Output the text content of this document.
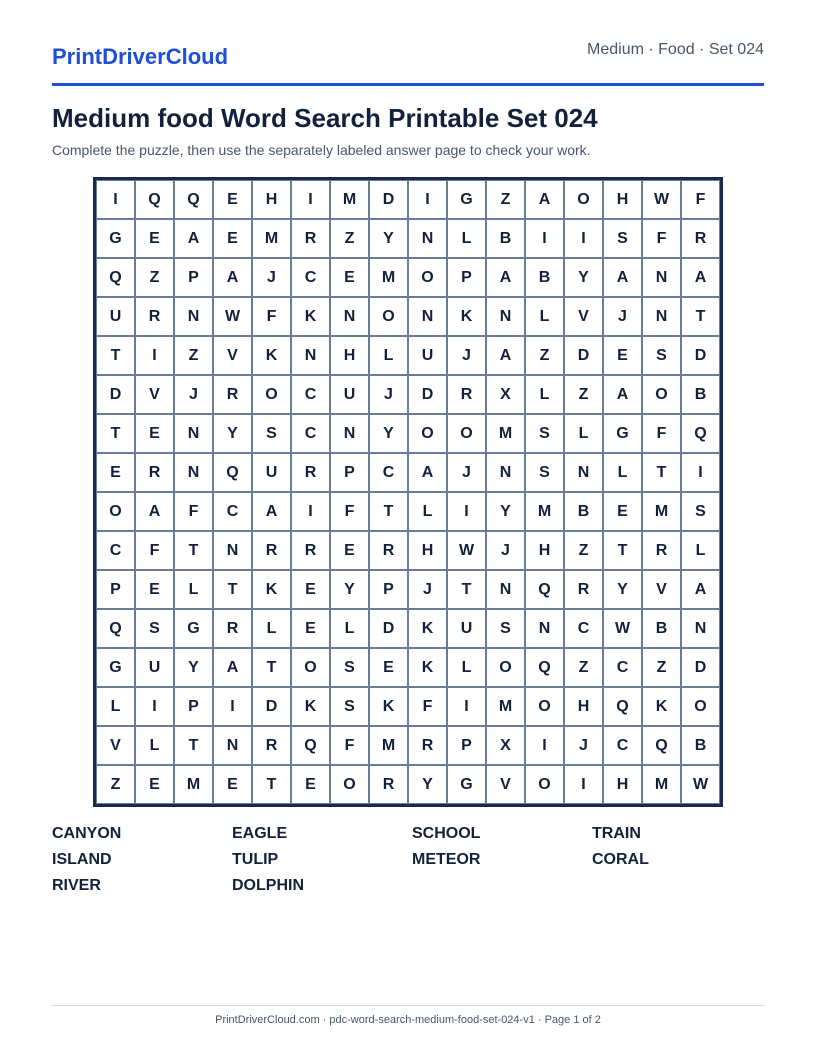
PrintDriverCloud	Medium · Food · Set 024
Medium food Word Search Printable Set 024
Complete the puzzle, then use the separately labeled answer page to check your work.
I	Q	Q	E	H	I	M	D	I	G	Z	A	O	H	W	F
G	E	A	E	M	R	Z	Y	N	L	B	I	I	S	F	R
Q	Z	P	A	J	C	E	M	O	P	A	B	Y	A	N	A
U	R	N	W	F	K	N	O	N	K	N	L	V	J	N	T
T	I	Z	V	K	N	H	L	U	J	A	Z	D	E	S	D
D	V	J	R	O	C	U	J	D	R	X	L	Z	A	O	B
T	E	N	Y	S	C	N	Y	O	O	M	S	L	G	F	Q
E	R	N	Q	U	R	P	C	A	J	N	S	N	L	T	I
O	A	F	C	A	I	F	T	L	I	Y	M	B	E	M	S
C	F	T	N	R	R	E	R	H	W	J	H	Z	T	R	L
P	E	L	T	K	E	Y	P	J	T	N	Q	R	Y	V	A
Q	S	G	R	L	E	L	D	K	U	S	N	C	W	B	N
G	U	Y	A	T	O	S	E	K	L	O	Q	Z	C	Z	D
L	I	P	I	D	K	S	K	F	I	M	O	H	Q	K	O
V	L	T	N	R	Q	F	M	R	P	X	I	J	C	Q	B
Z	E	M	E	T	E	O	R	Y	G	V	O	I	H	M	W
CANYON	EAGLE	SCHOOL	TRAIN
ISLAND	TULIP	METEOR	CORAL
RIVER	DOLPHIN
PrintDriverCloud.com · pdc-word-search-medium-food-set-024-v1 · Page 1 of 2
